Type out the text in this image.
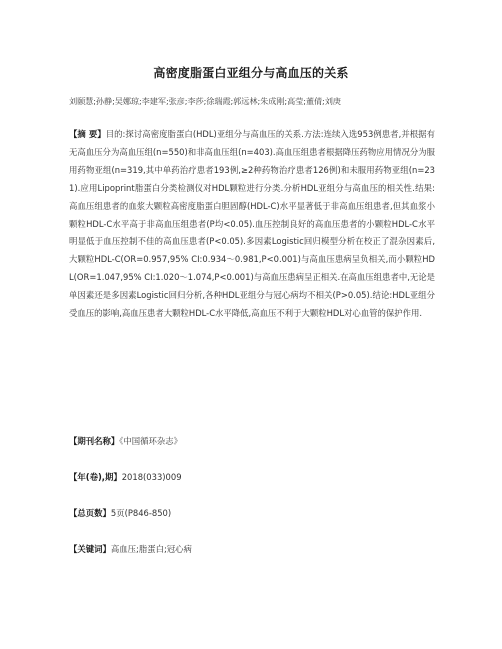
高密度脂蛋白亚组分与高血压的关系
刘颐慧;孙静;吴娜琼;李建军;张彦;李莎;徐瑞霞;郭远林;朱成刚;高莹;董倩;刘庚
【摘 要】目的:探讨高密度脂蛋白(HDL)亚组分与高血压的关系.方法:连续入选953例患者,并根据有无高血压分为高血压组(n=550)和非高血压组(n=403).高血压组患者根据降压药物应用情况分为服用药物亚组(n=319,其中单药治疗患者193例,≥2种药物治疗患者126例)和未服用药物亚组(n=231).应用Lipoprint脂蛋白分类检测仪对HDL颗粒进行分类.分析HDL亚组分与高血压的相关性.结果:高血压组患者的血浆大颗粒高密度脂蛋白胆固醇(HDL-C)水平显著低于非高血压组患者,但其血浆小颗粒HDL-C水平高于非高血压组患者(P均<0.05).血压控制良好的高血压患者的小颗粒HDL-C水平明显低于血压控制不佳的高血压患者(P<0.05).多因素Logistic回归模型分析在校正了混杂因素后,大颗粒HDL-C(OR=0.957,95% CI:0.934～0.981,P<0.001)与高血压患病呈负相关,而小颗粒HDL(OR=1.047,95% CI:1.020～1.074,P<0.001)与高血压患病呈正相关.在高血压组患者中,无论是单因素还是多因素Logistic回归分析,各种HDL亚组分与冠心病均不相关(P>0.05).结论:HDL亚组分受血压的影响,高血压患者大颗粒HDL-C水平降低,高血压不利于大颗粒HDL对心血管的保护作用.
【期刊名称】《中国循环杂志》
【年(卷),期】2018(033)009
【总页数】5页(P846-850)
【关键词】高血压;脂蛋白;冠心病
